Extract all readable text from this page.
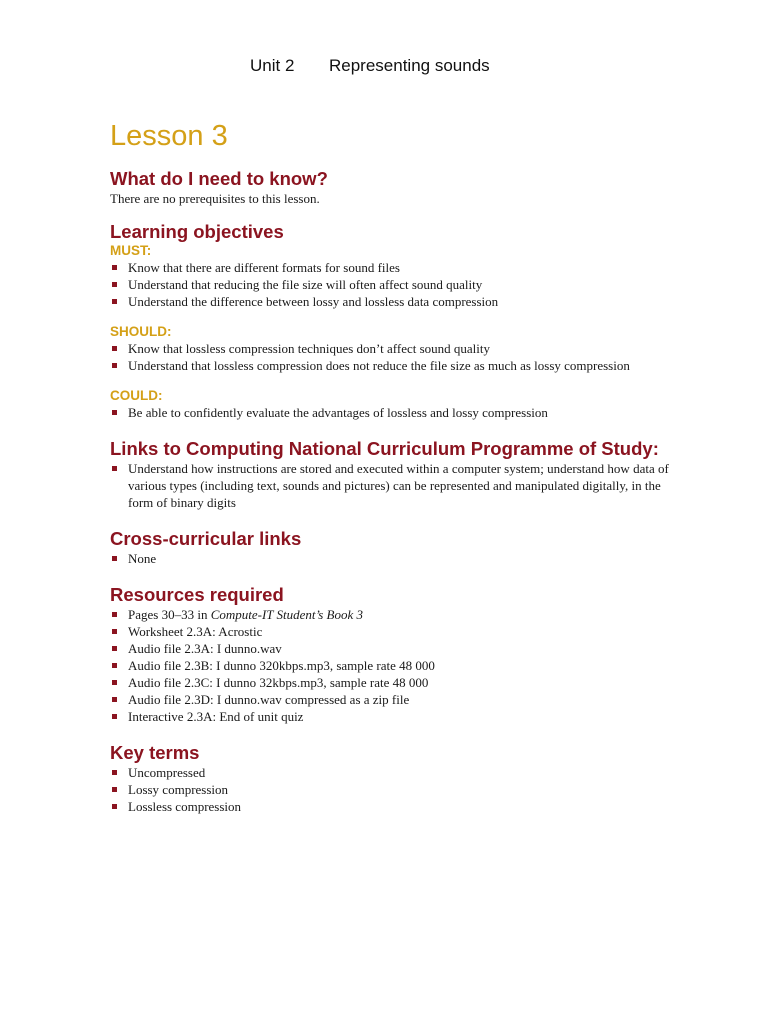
Unit 2 Representing sounds
Lesson 3
What do I need to know?

There are no prerequisites to this lesson.

Learning objectives
MUST:
Know that there are different formats for sound files
Understand that reducing the file size will often affect sound quality
Understand the difference between lossy and lossless data compression
SHOULD:
Know that lossless compression techniques don’t affect sound quality
Understand that lossless compression does not reduce the file size as much as lossy compression
COULD:
Be able to confidently evaluate the advantages of lossless and lossy compression
Links to Computing National Curriculum Programme of Study:
Understand how instructions are stored and executed within a computer system; understand how data of various types (including text, sounds and pictures) can be represented and manipulated digitally, in the form of binary digits
Cross-curricular links
None
Resources required
Pages 30–33 in Compute-IT Student’s Book 3
Worksheet 2.3A: Acrostic
Audio file 2.3A: I dunno.wav
Audio file 2.3B: I dunno 320kbps.mp3, sample rate 48 000
Audio file 2.3C: I dunno 32kbps.mp3, sample rate 48 000
Audio file 2.3D: I dunno.wav compressed as a zip file
Interactive 2.3A: End of unit quiz
Key terms
Uncompressed
Lossy compression
Lossless compression
